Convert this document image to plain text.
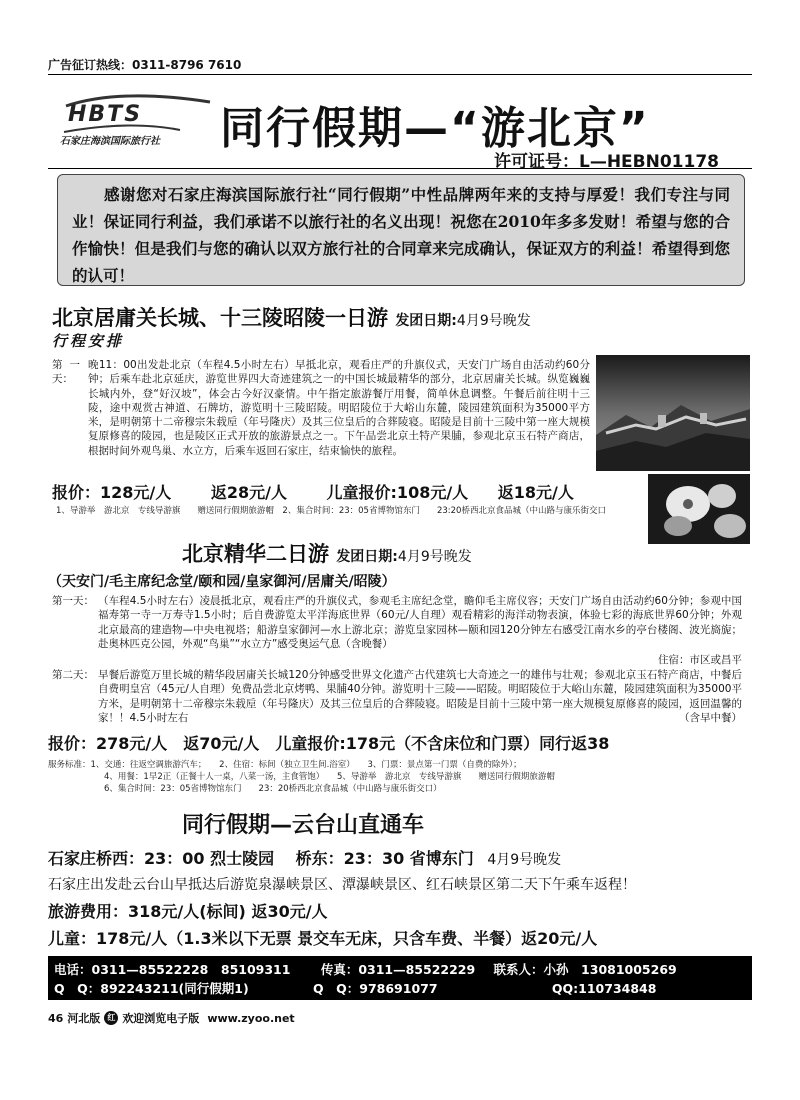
广告征订热线：0311-8796 7610
HBTS
石家庄海滨国际旅行社 同行假期—“游北京”
许可证号：L—HEBN01178
感谢您对石家庄海滨国际旅行社“同行假期”中性品牌两年来的支持与厚爱！我们专注与同业！保证同行利益，我们承诺不以旅行社的名义出现！祝您在2010年多多发财！希望与您的合作愉快！但是我们与您的确认以双方旅行社的合同章来完成确认，保证双方的利益！希望得到您的认可！
北京居庸关长城、十三陵昭陵一日游 发团日期:4月9号晚发
行程安排
第一天：
晚11：00出发赴北京（车程4.5小时左右）早抵北京，观看庄严的升旗仪式，天安门广场自由活动约60分钟；后乘车赴北京延庆，游览世界四大奇迹建筑之一的中国长城最精华的部分，北京居庸关长城。纵览巍巍长城内外，登“好汉坡”，体会古今好汉豪情。中午指定旅游餐厅用餐，简单休息调整。午餐后前往明十三陵，途中观赏古神道、石牌坊，游览明十三陵昭陵。明昭陵位于大峪山东麓，陵园建筑面积为35000平方米，是明朝第十二帝穆宗朱载垕（年号隆庆）及其三位皇后的合葬陵寝。昭陵是目前十三陵中第一座大规模复原修喜的陵园，也是陵区正式开放的旅游景点之一。下午品尝北京土特产果脯，参观北京玉石特产商店，根据时间外观鸟巢、水立方，后乘车返回石家庄，结束愉快的旅程。
报价：128元/人 返28元/人 儿童报价:108元/人 返18元/人
1、导游举　游北京　专线导游旗　　赠送同行假期旅游帽　2、集合时间：23：05省博物馆东门　　23:20桥西北京食品城（中山路与康乐街交口
北京精华二日游 发团日期:4月9号晚发
（天安门/毛主席纪念堂/颐和园/皇家御河/居庸关/昭陵）
第一天： （车程4.5小时左右）凌晨抵北京，观看庄严的升旗仪式，参观毛主席纪念堂，瞻仰毛主席仪容；天安门广场自由活动约60分钟；参观中国福寿第一寺一万寿寺1.5小时；后自费游览太平洋海底世界（60元/人自理）观看精彩的海洋动物表演，体验七彩的海底世界60分钟；外观北京最高的建造物—中央电视塔；船游皇家御河—水上游北京；游览皇家园林—颐和园120分钟左右感受江南水乡的亭台楼阁、波光旖旎；赴奥林匹克公园，外观“鸟巢”“水立方”感受奥运气息（含晚餐）
住宿：市区或昌平
第二天： 早餐后游览万里长城的精华段居庸关长城120分钟感受世界文化遗产古代建筑七大奇迹之一的雄伟与壮观；参观北京玉石特产商店，中餐后自费明皇宫（45元/人自理）免费品尝北京烤鸭、果脯40分钟。游览明十三陵——昭陵。明昭陵位于大峪山东麓，陵园建筑面积为35000平方米，是明朝第十二帝穆宗朱载垕（年号隆庆）及其三位皇后的合葬陵寝。昭陵是目前十三陵中第一座大规模复原修喜的陵园，返回温馨的家！！4.5小时左右	（含早中餐）
报价：278元/人　返70元/人　儿童报价:178元（不含床位和门票）同行返38
服务标准：1、交通：往返空调旅游汽车；　　2、住宿：标间（独立卫生间.浴室）　　3、门票：景点第一门票（自费的除外）；
4、用餐：1早2正（正餐十人一桌，八菜一汤，主食管饱）　　5、导游举　游北京　专线导游旗　　赠送同行假期旅游帽
6、集合时间：23：05省博物馆东门　　23：20桥西北京食品城（中山路与康乐街交口）
同行假期—云台山直通车
石家庄桥西：23：00 烈士陵园　 桥东：23：30 省博东门 4月9号晚发
石家庄出发赴云台山早抵达后游览泉瀑峡景区、潭瀑峡景区、红石峡景区第二天下午乘车返程！
旅游费用：318元/人(标间) 返30元/人
儿童：178元/人（1.3米以下无票 景交车无床，只含车费、半餐）返20元/人
电话：0311—85522228　85109311 传真：0311—85522229 联系人：小孙　13081005269
Q　Q：892243211(同行假期1)	Q　Q：978691077	QQ:110734848
46 河北版 红 欢迎浏览电子版 www.zyoo.net
